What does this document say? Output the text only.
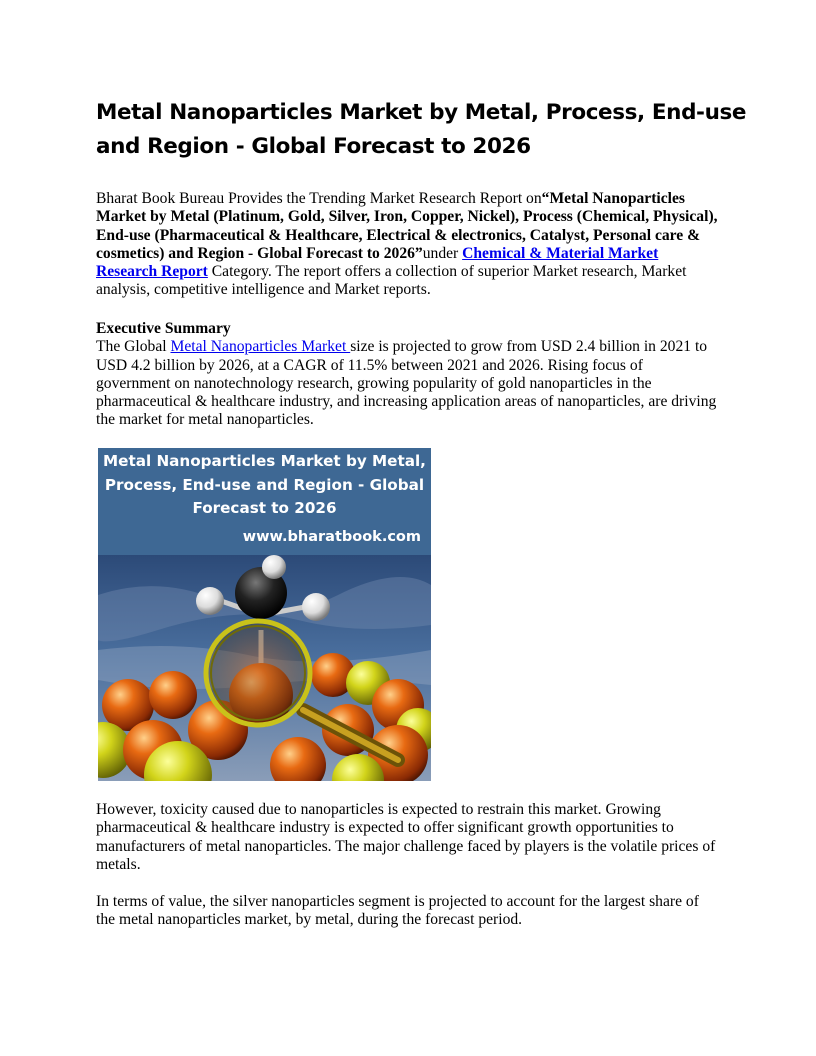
Metal Nanoparticles Market by Metal, Process, End-use
and Region - Global Forecast to 2026

Bharat Book Bureau Provides the Trending Market Research Report on“Metal Nanoparticles Market by Metal (Platinum, Gold, Silver, Iron, Copper, Nickel), Process (Chemical, Physical), End-use (Pharmaceutical & Healthcare, Electrical & electronics, Catalyst, Personal care & cosmetics) and Region - Global Forecast to 2026”under Chemical & Material Market Research Report Category. The report offers a collection of superior Market research, Market analysis, competitive intelligence and Market reports.

Executive Summary
The Global Metal Nanoparticles Market size is projected to grow from USD 2.4 billion in 2021 to USD 4.2 billion by 2026, at a CAGR of 11.5% between 2021 and 2026. Rising focus of government on nanotechnology research, growing popularity of gold nanoparticles in the pharmaceutical & healthcare industry, and increasing application areas of nanoparticles, are driving the market for metal nanoparticles.

Metal Nanoparticles Market by Metal, Process, End-use and Region - Global Forecast to 2026
www.bharatbook.com

However, toxicity caused due to nanoparticles is expected to restrain this market. Growing pharmaceutical & healthcare industry is expected to offer significant growth opportunities to manufacturers of metal nanoparticles. The major challenge faced by players is the volatile prices of metals.

In terms of value, the silver nanoparticles segment is projected to account for the largest share of the metal nanoparticles market, by metal, during the forecast period.
